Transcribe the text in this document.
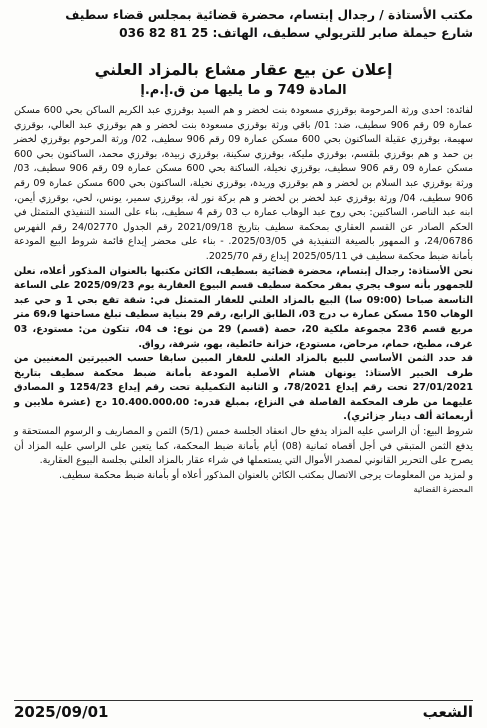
مكتب الأستاذة / رجدال إبتسام، محضرة قضائية بمجلس قضاء سطيف
شارع حيملة صابر للتريولي سطيف، الهاتف: 25 81 82 036
إعلان عن بيع عقار مشاع بالمزاد العلني
المادة 749 و ما يليها من ق.إ.م.إ

لفائدة: احدى ورثة المرحومة بوقرزي مسعودة بنت لخضر و هم السيد بوقرزي عبد الكريم الساكن بحي 600 مسكن عمارة 09 رقم 906 سطيف، ضد: 01/ باقي ورثة بوقرزي مسعودة بنت لخضر و هم بوقرزي عبد العالي، بوقرزي سهيمة، بوقرزي عقيلة الساكنون بحي 600 مسكن عمارة 09 رقم 906 سطيف، 02/ ورثة المرحوم بوقرزي لخضر بن حمد و هم بوقرزي بلقسم، بوقرزي مليكة، بوقرزي سكينة، بوقرزي زبيدة، بوقرزي محمد، الساكنون بحي 600 مسكن عمارة 09 رقم 906 سطيف، بوقرزي نخيلة، الساكنة بحي 600 مسكن عمارة 09 رقم 906 سطيف، 03/ ورثة بوقرزي عبد السلام بن لخضر و هم بوقرزي وريدة، بوقرزي نخيلة، الساكنون بحي 600 مسكن عمارة 09 رقم 906 سطيف، 04/ ورثة بوقرزي عبد لخضر بن لخضر و هم بركة نور لة، بوقرزي سمير، يونس، لحي، بوقرزي أيمن، ابنه عبد الناصر، الساكنين: بحي روح عبد الوهاب عمارة ب 03 رقم 4 سطيف، بناء على السند التنفيذي المتمثل في الحكم الصادر عن القسم العقاري بمحكمة سطيف بتاريخ 2021/09/18 رقم الجدول 24/02770 رقم الفهرس 24/06786، و الممهور بالصيغة التنفيذية في 2025/03/05. - بناء على محضر إيداع قائمة شروط البيع المودعة بأمانة ضبط محكمة سطيف في 2025/05/11 إيداع رقم 2025/70.

نحن الأستاذة: رجدال إبتسام، محضرة قضائية بسطيف، الكائن مكتبها بالعنوان المذكور أعلاه، نعلن للجمهور بأنه سوف يجري بمقر محكمة سطيف قسم البيوع العقارية يوم 2025/09/23 على الساعة التاسعة صباحا (09:00 سا) البيع بالمزاد العلني للعقار المتمثل في: شقة تقع بحي 1 و حي عبد الوهاب 150 مسكن عمارة ب درج 03، الطابق الرابع، رقم 29 بنياية سطيف تبلغ مساحتها 69،9 متر مربع قسم 236 مجموعة ملكية 20، حصة (قسم) 29 من نوع: ف 04، تتكون من: مستودع، 03 غرف، مطبخ، حمام، مرحاض، مستودع، خزانة حائطية، بهو، شرفة، رواق.

قد حدد الثمن الأساسي للبيع بالمزاد العلني للعقار المبين سابقا حسب الخبيرتين المعنيين من طرف الخبير الأستاذ: يونهان هشام الأصلية المودعة بأمانة ضبط محكمة سطيف بتاريخ 27/01/2021 تحت رقم إيداع 78/2021، و الثانية التكميلية تحت رقم إيداع 1254/23 و المصادق عليهما من طرف المحكمة الفاصلة في النزاع، بمبلغ قدره: 10.400.000،00 دج (عشرة ملايين و أربعمائة ألف دينار جزائري).

شروط البيع: أن الراسي عليه المزاد يدفع حال انعقاد الجلسة خمس (5/1) الثمن و المصاريف و الرسوم المستحقة و يدفع الثمن المتبقي في أجل أقصاه ثمانية (08) أيام بأمانة ضبط المحكمة، كما يتعين على الراسي عليه المزاد أن يصرح على التحرير القانوني لمصدر الأموال التي يستعملها في شراء عقار بالمزاد العلني بجلسة البيوع العقارية.

و لمزيد من المعلومات يرجى الاتصال بمكتب الكائن بالعنوان المذكور أعلاه أو بأمانة ضبط محكمة سطيف.

المحضرة القضائية
الشعب
2025/09/01
